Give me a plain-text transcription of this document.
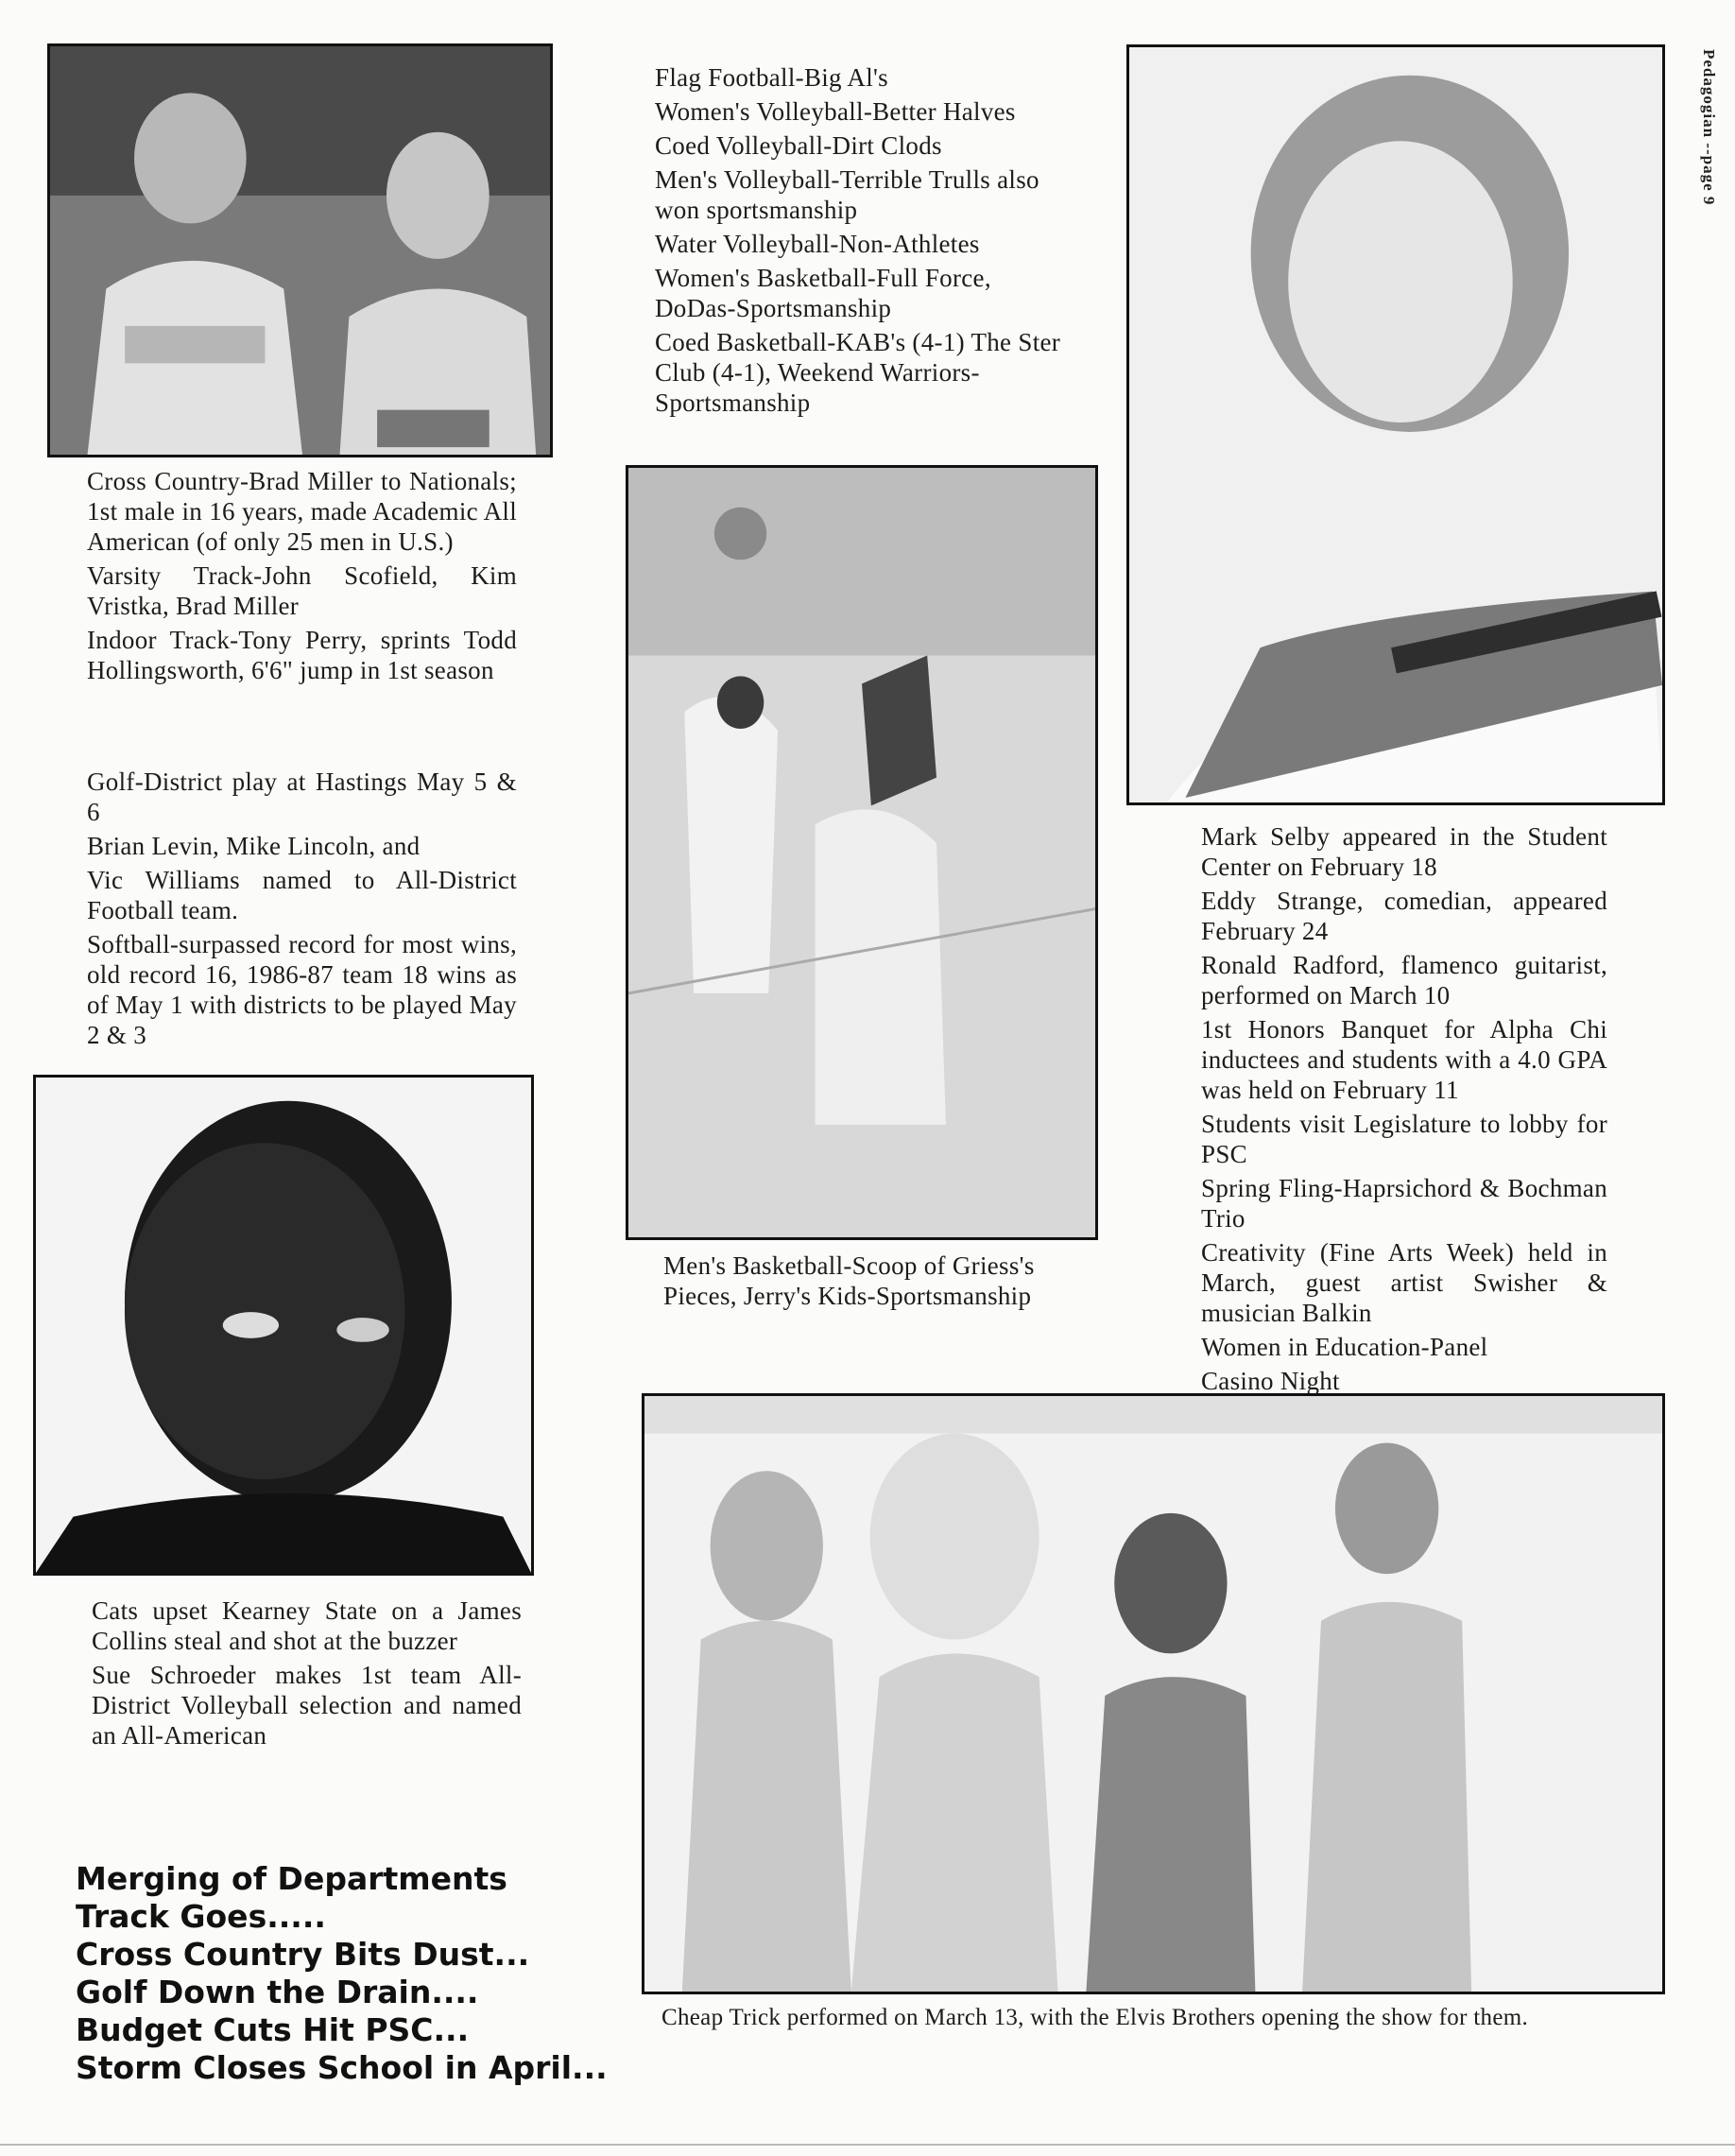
Pedagogian --page 9

Cross Country-Brad Miller to Nationals; 1st male in 16 years, made Academic All American (of only 25 men in U.S.)

Varsity Track-John Scofield, Kim Vristka, Brad Miller

Indoor Track-Tony Perry, sprints Todd Hollingsworth, 6'6" jump in 1st season

Golf-District play at Hastings May 5 & 6

Brian Levin, Mike Lincoln, and

Vic Williams named to All-District Football team.

Softball-surpassed record for most wins, old record 16, 1986-87 team 18 wins as of May 1 with districts to be played May 2 & 3

Cats upset Kearney State on a James Collins steal and shot at the buzzer

Sue Schroeder makes 1st team All-District Volleyball selection and named an All-American

Merging of Departments
Track Goes.....
Cross Country Bits Dust...
Golf Down the Drain....
Budget Cuts Hit PSC...
Storm Closes School in April...

Flag Football-Big Al's

Women's Volleyball-Better Halves

Coed Volleyball-Dirt Clods

Men's Volleyball-Terrible Trulls also won sportsmanship

Water Volleyball-Non-Athletes

Women's Basketball-Full Force, DoDas-Sportsmanship

Coed Basketball-KAB's (4-1) The Ster Club (4-1), Weekend Warriors-Sportsmanship

Men's Basketball-Scoop of Griess's Pieces, Jerry's Kids-Sportsmanship

Mark Selby appeared in the Student Center on February 18

Eddy Strange, comedian, appeared February 24

Ronald Radford, flamenco guitarist, performed on March 10

1st Honors Banquet for Alpha Chi inductees and students with a 4.0 GPA was held on February 11

Students visit Legislature to lobby for PSC

Spring Fling-Haprsichord & Bochman Trio

Creativity (Fine Arts Week) held in March, guest artist Swisher & musician Balkin

Women in Education-Panel

Casino Night

Cheap Trick performed on March 13, with the Elvis Brothers opening the show for them.
